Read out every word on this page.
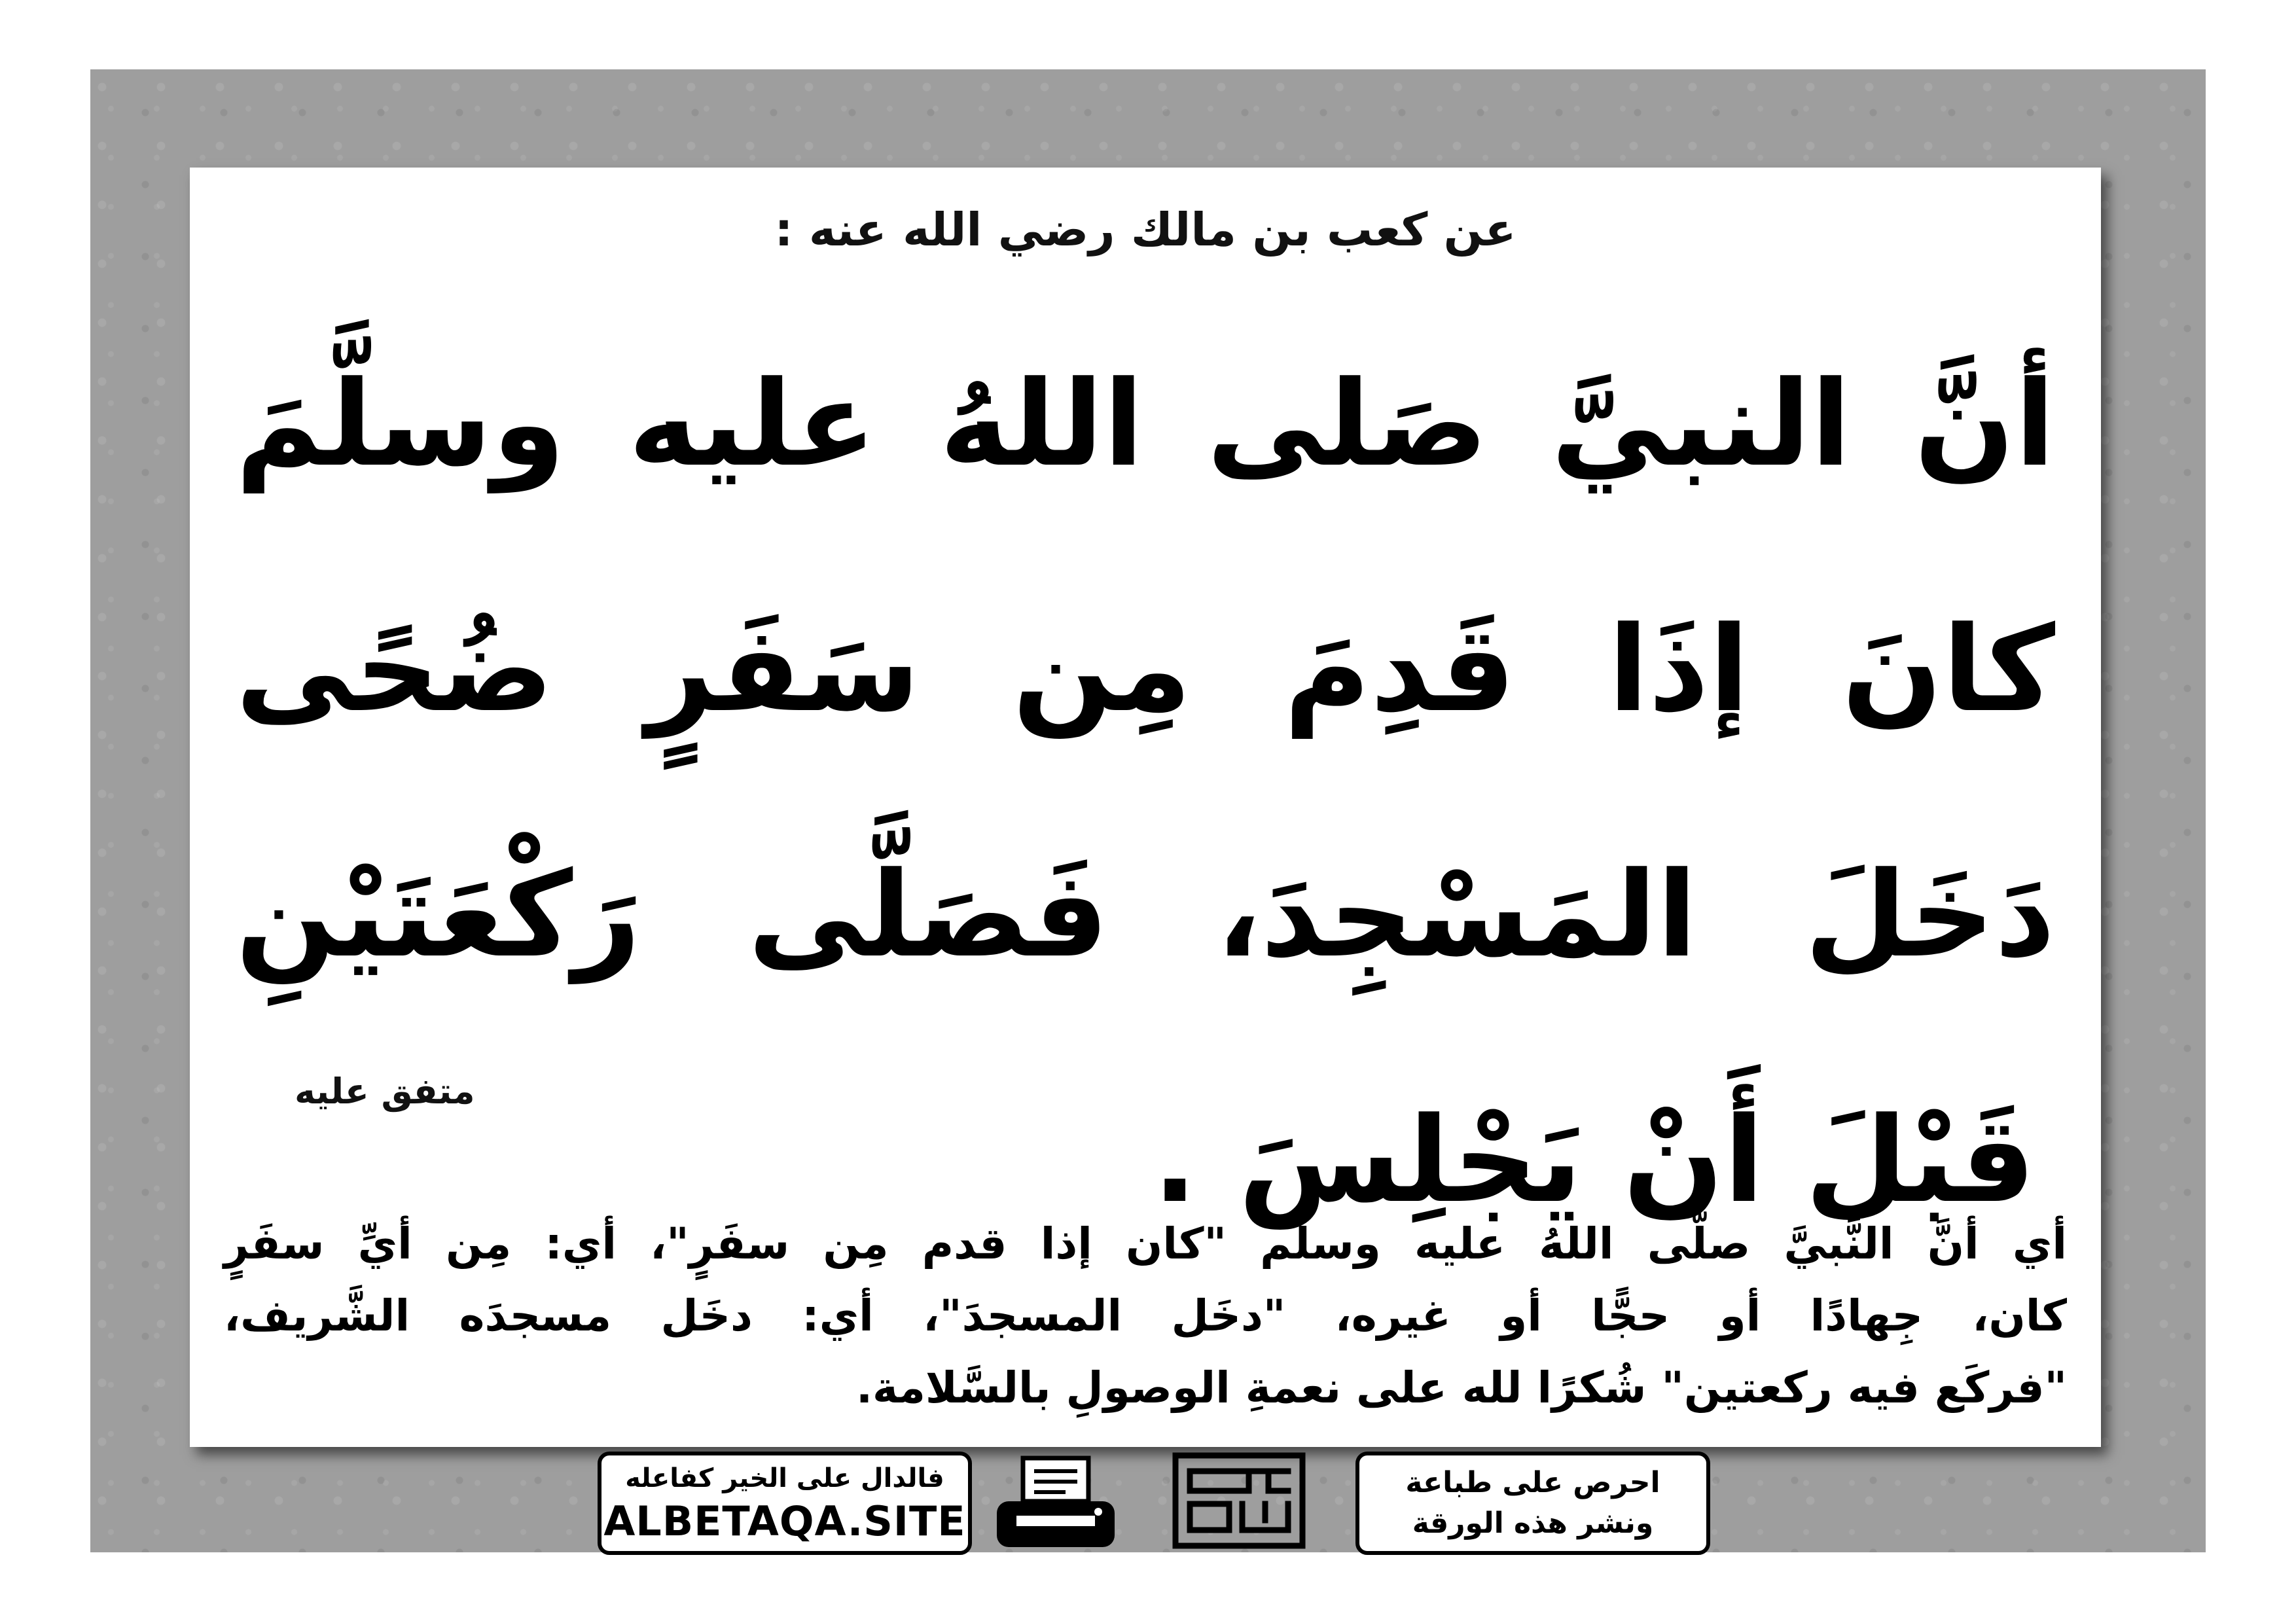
عن كعب بن مالك رضي الله عنه :
أنَّ النبيَّ صَلى اللهُ عليه وسلَّمَ
كانَ إذَا قَدِمَ مِن سَفَرٍ ضُحًى
دَخَلَ المَسْجِدَ، فَصَلَّى رَكْعَتَيْنِ
قَبْلَ أَنْ يَجْلِسَ .
متفق عليه
أي أنَّ النَّبيَّ صلَّى اللهُ عليه وسلَّم "كان إذا قدم مِن سفَرٍ"، أي: مِن أيِّ سفَرٍ
كان، جِهادًا أو حجًّا أو غيره، "دخَل المسجدَ"، أي: دخَل مسجدَه الشَّريف،
"فركَع فيه ركعتين" شُكرًا لله على نعمةِ الوصولِ بالسَّلامة.
احرص على طباعة
ونشر هذه الورقة
فالدال على الخير كفاعله
ALBETAQA.SITE
